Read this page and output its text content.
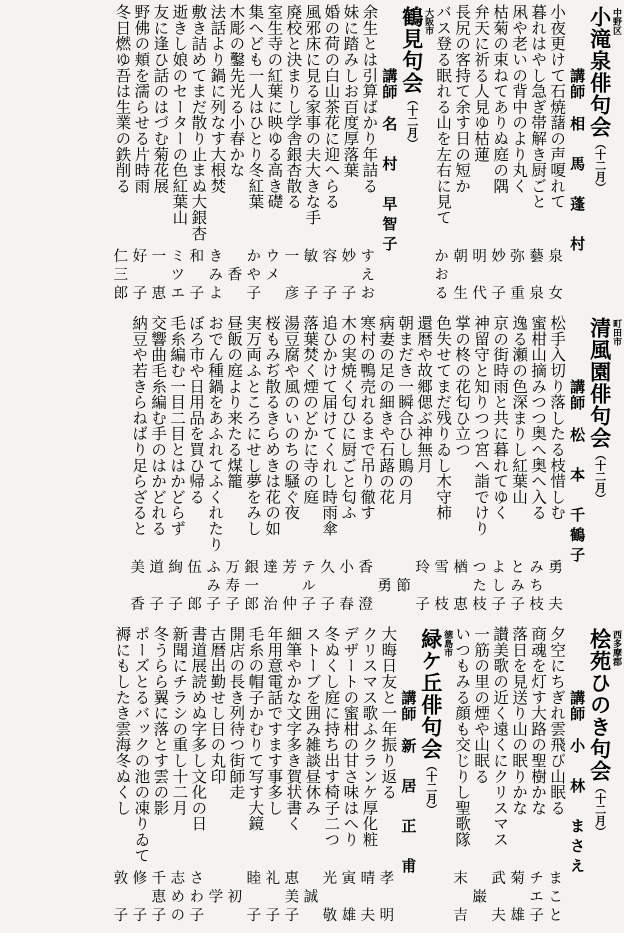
中野区
小滝泉俳句会（十二月）
講師　相　馬　蓬　村
小夜更けて石焼藷の声嗄れて
泉　女
暮れはやし急ぎ帯解き厨ごと
藝　泉
凩や老いの背中のより丸く
弥　重
枯菊の束ねてありぬ庭の隅
妙　子
弁天に祈る人見ゆ枯蓮
明　代
長尻の客持て余す日の短か
朝　生
バス登る眠れる山を左右に見て
かおる
大阪市
鶴見句会（十二月）
講師　名　村　早智子
余生とは引算ばかり年詰る
すえお
妹に踏みしお百度厚落葉
妙　子
婚の荷の白山茶花に迎へらる
容　子
風邪床に見る家事の夫大きな手
敏　子
廃校と決まりし学舎銀杏散る
一　彦
室生寺の紅葉に映ゆる高き礎
ウメ
集へども一人はひとり冬紅葉
かや子
木彫の鑿先光る小春かな
　香
法話より鍋に列なす大根焚
きみよ
敷き詰めてまだ散り止まぬ大銀杏
和　子
逝きし娘のセーターの色紅葉山
ミツエ
友に逢ひ話のはづむ菊花展
一　恵
野佛の頬を濡らせる片時雨
好　子
冬日燃ゆ吾は生業の鉄削る
仁三郎
町田市
清風園俳句会（十二月）
講師　松　本　千鶴子
松手入切り落したる枝惜しむ
勇　夫
蜜柑山摘みつつ奥へ奥へ入る
みち枝
逸る瀬の色深まりし紅葉山
とみ子
京の街時雨と共に暮れてゆく
よし子
神留守と知りつつ宮へ詣でけり
つた枝
掌の柊の花匂ひ立つ
楢　恵
色失せてまだ残りゐし木守柿
雪　枝
還暦や故郷偲ぶ神無月
玲　子
朝まだき一瞬合ひし鵙の月
　節
病妻の足の細きや石蕗の花
　勇
寒村の鴨売れるまで吊り徹す
香　澄
木の実焼く匂ひに厨ごと匂ふ
小　春
追ひかけて届けてくれし時雨傘
久　子
落葉焚く煙のどかに寺の庭
テル子
湯豆腐や風のいのちの騒ぐ夜
芳　仲
桜もみぢ散るきらめきは花の如
達　治
実万両ふところにせし夢をみし
銀一郎
昼飯の庭より来たる煤籠
万寿子
おでん種鍋をあふれてふくれたり
ふみ子
ぼろ市や日用品を買ひ帰る
伍　郎
毛糸編む一目二目とはかどらず
絢　子
交響曲毛糸編む手のはかどれる
道　子
納豆や若きらねばり足らざると
美　香
西多摩郡
桧苑ひのき句会（十二月）
講師　小　林　まさえ
夕空にちぎれ雲飛び山眠る
まこと
商魂を灯す大路の聖樹かな
チエ子
落日を見送り山の眠りかな
菊　雄
讃美歌の近く遠くにクリスマス
武　夫
一筋の里の煙や山眠る
　巌
いつもみる顔も交じりし聖歌隊
末　吉
徳島市
緑ケ丘俳句会（十二月）
講師　新　居　正　甫
大晦日友と一年振り返る
孝　明
クリスマス歌ふクランケ厚化粧
晴　夫
デザートの蜜柑の甘さ味はへり
寅　雄
冬ぬくし庭に持ち出す椅子二つ
光　敬
ストーブを囲み雑談昼休み
　誠
細筆やかな文字多き賀状書く
恵美子
年用意電話ですます事多し
礼　子
毛糸の帽子かむりて写す大鏡
睦　子
開店の長き列待つ街師走
　初
古暦出勤せし日の丸印
　学
書道展読めぬ字多し文化の日
さわ子
新聞にチラシの重し十二月
志めの
冬うらら翼に落とす雲の影
千恵子
ポーズとるバックの池の凍りゐて
修　子
褥にもしたき雲海冬ぬくし
敦　子
